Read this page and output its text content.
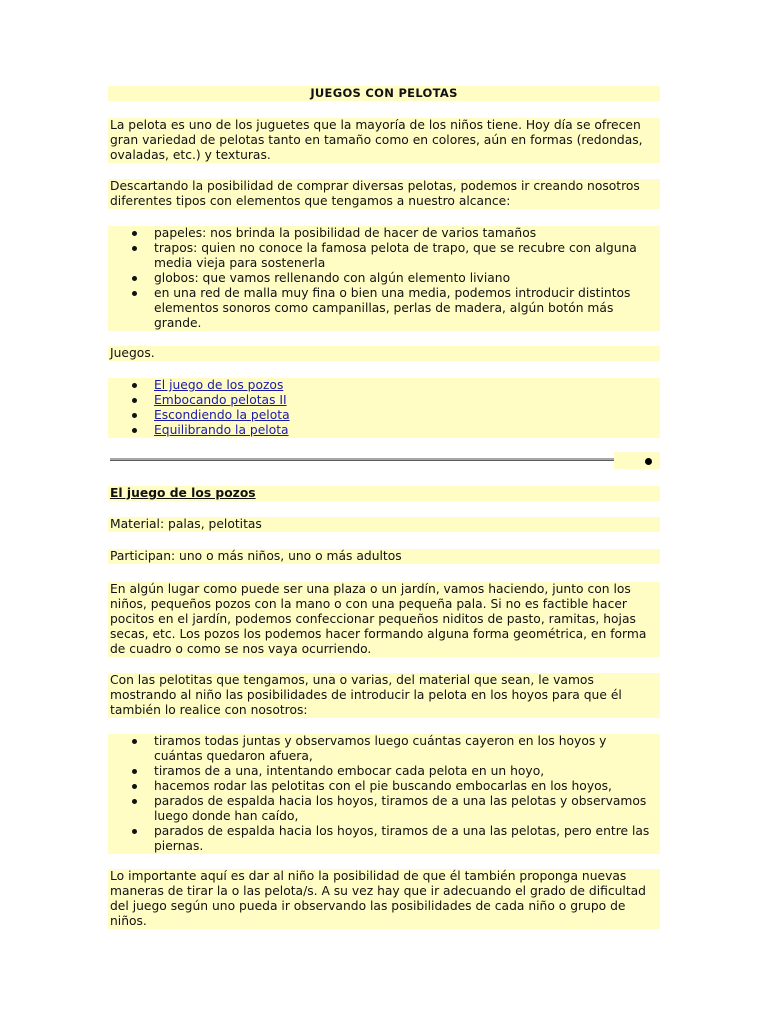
JUEGOS CON PELOTAS

La pelota es uno de los juguetes que la mayoría de los niños tiene. Hoy día se ofrecen gran variedad de pelotas tanto en tamaño como en colores, aún en formas (redondas, ovaladas, etc.) y texturas.

Descartando la posibilidad de comprar diversas pelotas, podemos ir creando nosotros diferentes tipos con elementos que tengamos a nuestro alcance:

papeles: nos brinda la posibilidad de hacer de varios tamaños
trapos: quien no conoce la famosa pelota de trapo, que se recubre con alguna media vieja para sostenerla
globos: que vamos rellenando con algún elemento liviano
en una red de malla muy fina o bien una media, podemos introducir distintos elementos sonoros como campanillas, perlas de madera, algún botón más grande.

Juegos.

El juego de los pozos
Embocando pelotas II
Escondiendo la pelota
Equilibrando la pelota

El juego de los pozos

Material: palas, pelotitas

Participan: uno o más niños, uno o más adultos

En algún lugar como puede ser una plaza o un jardín, vamos haciendo, junto con los niños, pequeños pozos con la mano o con una pequeña pala. Si no es factible hacer pocitos en el jardín, podemos confeccionar pequeños niditos de pasto, ramitas, hojas secas, etc. Los pozos los podemos hacer formando alguna forma geométrica, en forma de cuadro o como se nos vaya ocurriendo.

Con las pelotitas que tengamos, una o varias, del material que sean, le vamos mostrando al niño las posibilidades de introducir la pelota en los hoyos para que él también lo realice con nosotros:

tiramos todas juntas y observamos luego cuántas cayeron en los hoyos y cuántas quedaron afuera,
tiramos de a una, intentando embocar cada pelota en un hoyo,
hacemos rodar las pelotitas con el pie buscando embocarlas en los hoyos,
parados de espalda hacia los hoyos, tiramos de a una las pelotas y observamos luego donde han caído,
parados de espalda hacia los hoyos, tiramos de a una las pelotas, pero entre las piernas.

Lo importante aquí es dar al niño la posibilidad de que él también proponga nuevas maneras de tirar la o las pelota/s. A su vez hay que ir adecuando el grado de dificultad del juego según uno pueda ir observando las posibilidades de cada niño o grupo de niños.
